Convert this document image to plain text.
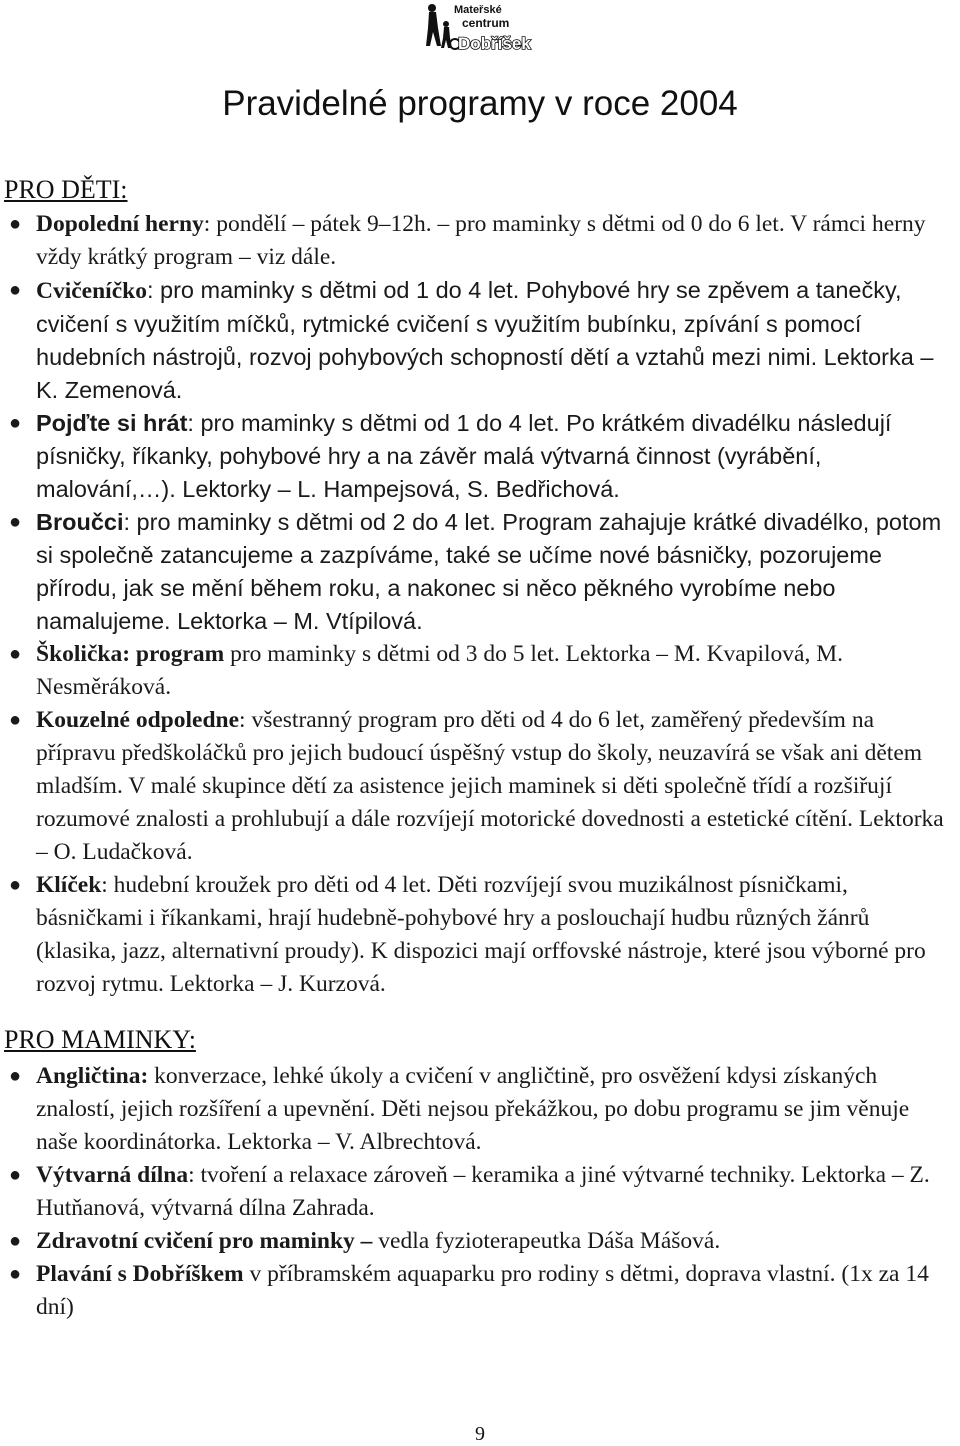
Mateřské
centrum
Dobříšek
Pravidelné programy v roce 2004
PRO DĚTI:
● Dopolední herny: pondělí – pátek 9–12h. – pro maminky s dětmi od 0 do 6 let. V rámci herny vždy krátký program – viz dále.
● Cvičeníčko: pro maminky s dětmi od 1 do 4 let. Pohybové hry se zpěvem a tanečky, cvičení s využitím míčků, rytmické cvičení s využitím bubínku, zpívání s pomocí hudebních nástrojů, rozvoj pohybových schopností dětí a vztahů mezi nimi. Lektorka – K. Zemenová.
● Pojďte si hrát: pro maminky s dětmi od 1 do 4 let. Po krátkém divadélku následují písničky, říkanky, pohybové hry a na závěr malá výtvarná činnost (vyrábění, malování,…). Lektorky – L. Hampejsová, S. Bedřichová.
● Broučci: pro maminky s dětmi od 2 do 4 let. Program zahajuje krátké divadélko, potom si společně zatancujeme a zazpíváme, také se učíme nové básničky, pozorujeme přírodu, jak se mění během roku, a nakonec si něco pěkného vyrobíme nebo namalujeme. Lektorka – M. Vtípilová.
● Školička: program pro maminky s dětmi od 3 do 5 let. Lektorka – M. Kvapilová, M. Nesměráková.
● Kouzelné odpoledne: všestranný program pro děti od 4 do 6 let, zaměřený především na přípravu předškoláčků pro jejich budoucí úspěšný vstup do školy, neuzavírá se však ani dětem mladším. V malé skupince dětí za asistence jejich maminek si děti společně třídí a rozšiřují rozumové znalosti a prohlubují a dále rozvíjejí motorické dovednosti a estetické cítění. Lektorka – O. Ludačková.
● Klíček: hudební kroužek pro děti od 4 let. Děti rozvíjejí svou muzikálnost písničkami, básničkami i říkankami, hrají hudebně-pohybové hry a poslouchají hudbu různých žánrů (klasika, jazz, alternativní proudy). K dispozici mají orffovské nástroje, které jsou výborné pro rozvoj rytmu. Lektorka – J. Kurzová.
PRO MAMINKY:
● Angličtina: konverzace, lehké úkoly a cvičení v angličtině, pro osvěžení kdysi získaných znalostí, jejich rozšíření a upevnění. Děti nejsou překážkou, po dobu programu se jim věnuje naše koordinátorka. Lektorka – V. Albrechtová.
● Výtvarná dílna: tvoření a relaxace zároveň – keramika a jiné výtvarné techniky. Lektorka – Z. Hutňanová, výtvarná dílna Zahrada.
● Zdravotní cvičení pro maminky – vedla fyzioterapeutka Dáša Mášová.
● Plavání s Dobříškem v příbramském aquaparku pro rodiny s dětmi, doprava vlastní. (1x za 14 dní)
9
